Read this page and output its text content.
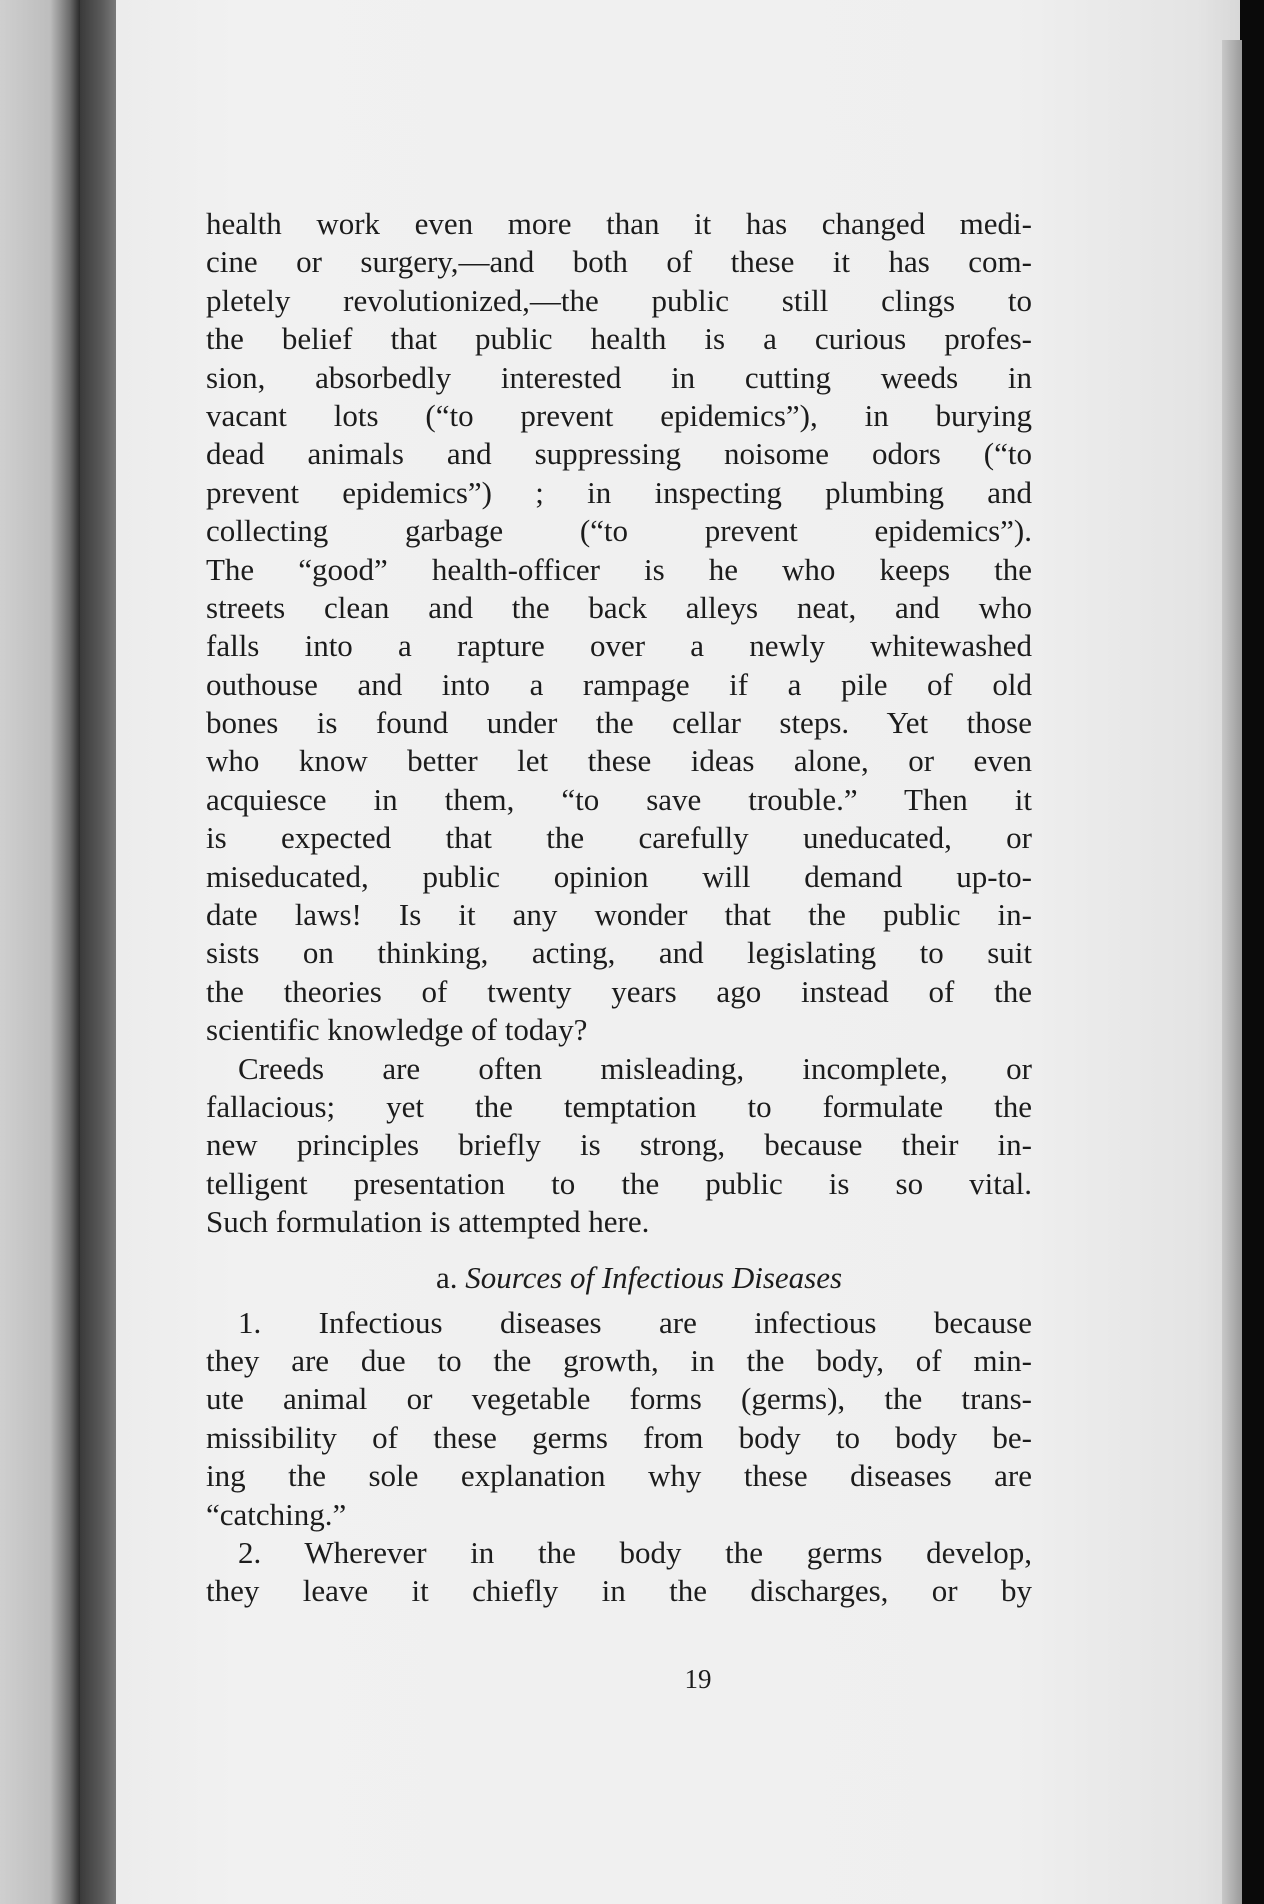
health work even more than it has changed medi-
cine or surgery,—and both of these it has com-
pletely revolutionized,—the public still clings to
the belief that public health is a curious profes-
sion, absorbedly interested in cutting weeds in
vacant lots (“to prevent epidemics”), in burying
dead animals and suppressing noisome odors (“to
prevent epidemics”) ; in inspecting plumbing and
collecting garbage (“to prevent epidemics”).
The “good” health-officer is he who keeps the
streets clean and the back alleys neat, and who
falls into a rapture over a newly whitewashed
outhouse and into a rampage if a pile of old
bones is found under the cellar steps. Yet those
who know better let these ideas alone, or even
acquiesce in them, “to save trouble.” Then it
is expected that the carefully uneducated, or
miseducated, public opinion will demand up-to-
date laws! Is it any wonder that the public in-
sists on thinking, acting, and legislating to suit
the theories of twenty years ago instead of the
scientific knowledge of today?
Creeds are often misleading, incomplete, or
fallacious; yet the temptation to formulate the
new principles briefly is strong, because their in-
telligent presentation to the public is so vital.
Such formulation is attempted here.
a. Sources of Infectious Diseases
1. Infectious diseases are infectious because
they are due to the growth, in the body, of min-
ute animal or vegetable forms (germs), the trans-
missibility of these germs from body to body be-
ing the sole explanation why these diseases are
“catching.”
2. Wherever in the body the germs develop,
they leave it chiefly in the discharges, or by
19
